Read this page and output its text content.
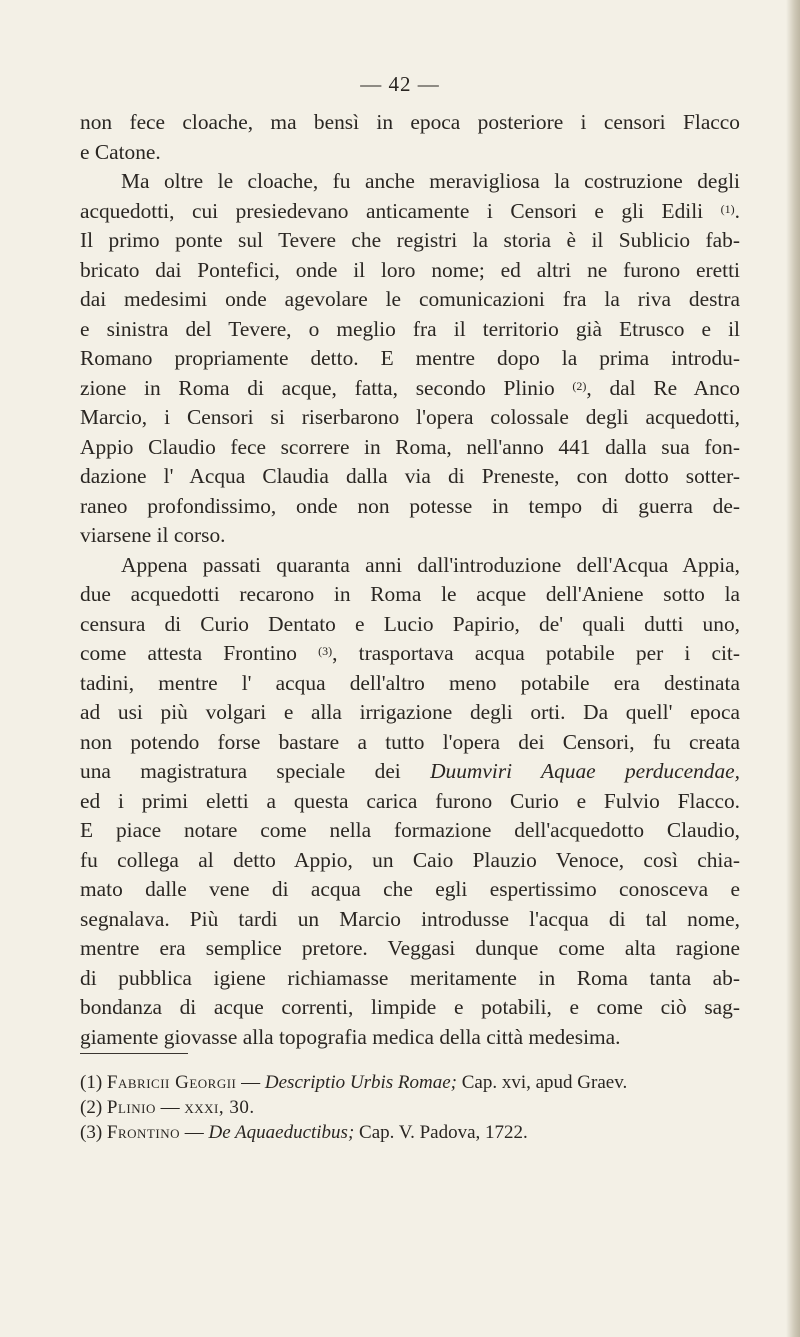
— 42 —
non fece cloache, ma bensì in epoca posteriore i censori Flacco
e Catone.
Ma oltre le cloache, fu anche meravigliosa la costruzione degli
acquedotti, cui presiedevano anticamente i Censori e gli Edili $^{(1)}$.
Il primo ponte sul Tevere che registri la storia è il Sublicio fab-
bricato dai Pontefici, onde il loro nome; ed altri ne furono eretti
dai medesimi onde agevolare le comunicazioni fra la riva destra
e sinistra del Tevere, o meglio fra il territorio già Etrusco e il
Romano propriamente detto. E mentre dopo la prima introdu-
zione in Roma di acque, fatta, secondo Plinio $^{(2)}$, dal Re Anco
Marcio, i Censori si riserbarono l'opera colossale degli acquedotti,
Appio Claudio fece scorrere in Roma, nell'anno 441 dalla sua fon-
dazione l' Acqua Claudia dalla via di Preneste, con dotto sotter-
raneo profondissimo, onde non potesse in tempo di guerra de-
viarsene il corso.
Appena passati quaranta anni dall'introduzione dell'Acqua Appia,
due acquedotti recarono in Roma le acque dell'Aniene sotto la
censura di Curio Dentato e Lucio Papirio, de' quali dutti uno,
come attesta Frontino $^{(3)}$, trasportava acqua potabile per i cit-
tadini, mentre l' acqua dell'altro meno potabile era destinata
ad usi più volgari e alla irrigazione degli orti. Da quell' epoca
non potendo forse bastare a tutto l'opera dei Censori, fu creata
una magistratura speciale dei Duumviri Aquae perducendae,
ed i primi eletti a questa carica furono Curio e Fulvio Flacco.
E piace notare come nella formazione dell'acquedotto Claudio,
fu collega al detto Appio, un Caio Plauzio Venoce, così chia-
mato dalle vene di acqua che egli espertissimo conosceva e
segnalava. Più tardi un Marcio introdusse l'acqua di tal nome,
mentre era semplice pretore. Veggasi dunque come alta ragione
di pubblica igiene richiamasse meritamente in Roma tanta ab-
bondanza di acque correnti, limpide e potabili, e come ciò sag-
giamente giovasse alla topografia medica della città medesima.
(1) Fabricii Georgii — Descriptio Urbis Romae; Cap. xvi, apud Graev.
(2) Plinio — xxxi, 30.
(3) Frontino — De Aquaeductibus; Cap. V. Padova, 1722.
